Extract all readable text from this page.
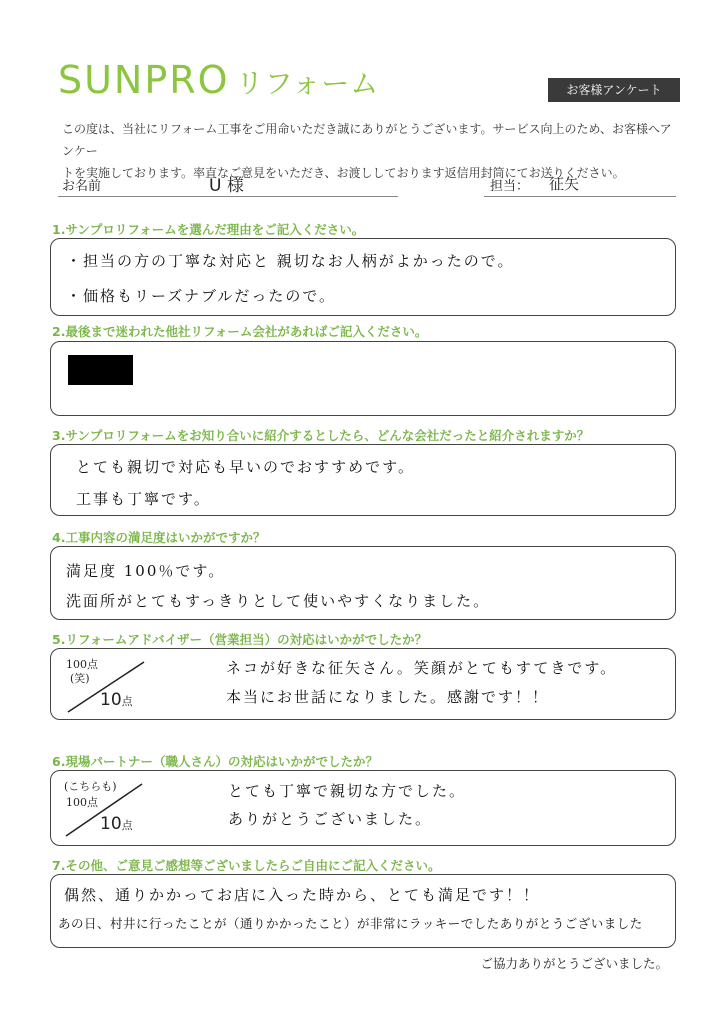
SUNPRO リフォーム	お客様アンケート
この度は、当社にリフォーム工事をご用命いただき誠にありがとうございます。サービス向上のため、お客様へアンケー
トを実施しております。率直なご意見をいただき、お渡ししております返信用封筒にてお送りください。
お名前	U 様	担当： 征矢
1.サンプロリフォームを選んだ理由をご記入ください。
・担当の方の丁寧な対応と 親切なお人柄がよかったので。
・価格もリーズナブルだったので。
2.最後まで迷われた他社リフォーム会社があればご記入ください。
3.サンプロリフォームをお知り合いに紹介するとしたら、どんな会社だったと紹介されますか？
とても親切で対応も早いのでおすすめです。
工事も丁寧です。
4.工事内容の満足度はいかがですか？
満足度 100％です。
洗面所がとてもすっきりとして使いやすくなりました。
5.リフォームアドバイザー（営業担当）の対応はいかがでしたか？
100点
(笑)
10点
ネコが好きな征矢さん。笑顔がとてもすてきです。
本当にお世話になりました。感謝です！！
6.現場パートナー（職人さん）の対応はいかがでしたか？
(こちらも)
100点
10点
とても丁寧で親切な方でした。
ありがとうございました。
7.その他、ご意見ご感想等ございましたらご自由にご記入ください。
偶然、通りかかってお店に入った時から、とても満足です！！
あの日、村井に行ったことが（通りかかったこと）が非常にラッキーでしたありがとうございました
ご協力ありがとうございました。
